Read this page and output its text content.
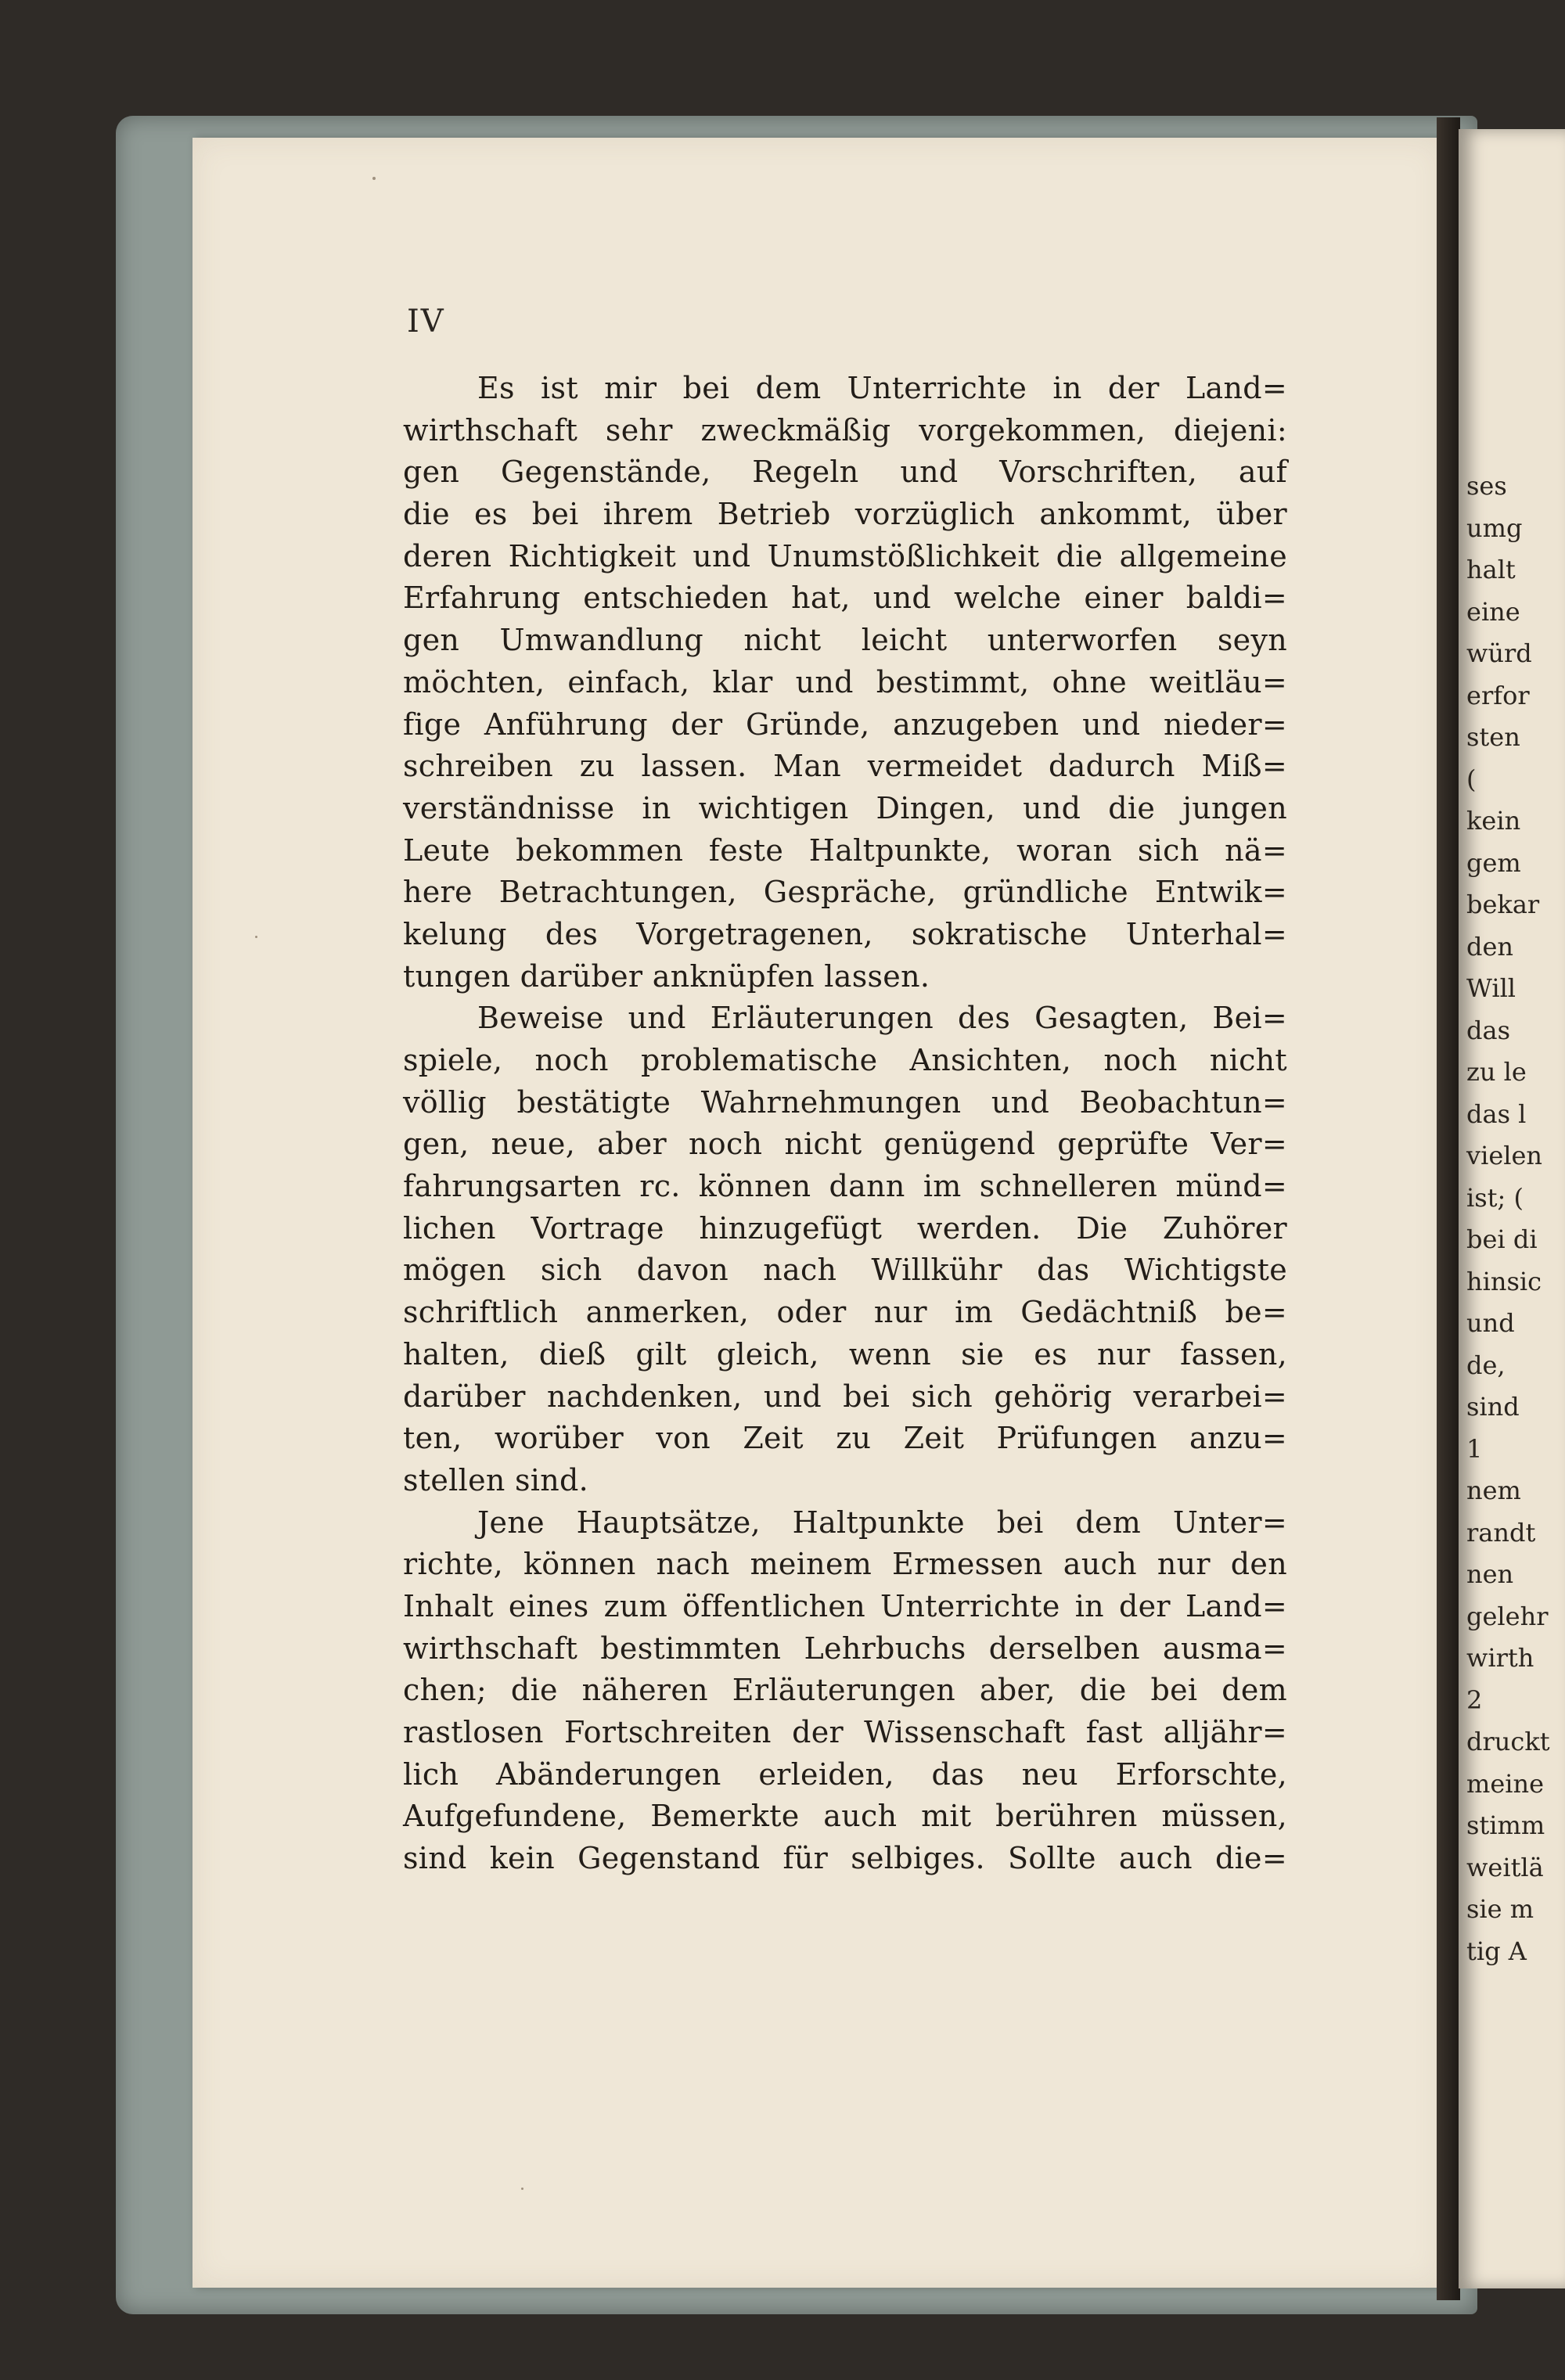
ses
umg
halt
eine
würd
erfor
sten
(
kein
gem
bekar
den
Will
das
zu le
das l
vielen
ist; (
bei di
hinsic
und
de,
sind
1
nem
randt
nen
gelehr
wirth
2
druckt
meine
stimm
weitlä
sie m
tig A
IV
Es ist mir bei dem Unterrichte in der Land=
wirthschaft sehr zweckmäßig vorgekommen, diejeni:
gen Gegenstände, Regeln und Vorschriften, auf
die es bei ihrem Betrieb vorzüglich ankommt, über
deren Richtigkeit und Unumstößlichkeit die allgemeine
Erfahrung entschieden hat, und welche einer baldi=
gen Umwandlung nicht leicht unterworfen seyn
möchten, einfach, klar und bestimmt, ohne weitläu=
fige Anführung der Gründe, anzugeben und nieder=
schreiben zu lassen. Man vermeidet dadurch Miß=
verständnisse in wichtigen Dingen, und die jungen
Leute bekommen feste Haltpunkte, woran sich nä=
here Betrachtungen, Gespräche, gründliche Entwik=
kelung des Vorgetragenen, sokratische Unterhal=
tungen darüber anknüpfen lassen.
Beweise und Erläuterungen des Gesagten, Bei=
spiele, noch problematische Ansichten, noch nicht
völlig bestätigte Wahrnehmungen und Beobachtun=
gen, neue, aber noch nicht genügend geprüfte Ver=
fahrungsarten rc. können dann im schnelleren münd=
lichen Vortrage hinzugefügt werden. Die Zuhörer
mögen sich davon nach Willkühr das Wichtigste
schriftlich anmerken, oder nur im Gedächtniß be=
halten, dieß gilt gleich, wenn sie es nur fassen,
darüber nachdenken, und bei sich gehörig verarbei=
ten, worüber von Zeit zu Zeit Prüfungen anzu=
stellen sind.
Jene Hauptsätze, Haltpunkte bei dem Unter=
richte, können nach meinem Ermessen auch nur den
Inhalt eines zum öffentlichen Unterrichte in der Land=
wirthschaft bestimmten Lehrbuchs derselben ausma=
chen; die näheren Erläuterungen aber, die bei dem
rastlosen Fortschreiten der Wissenschaft fast alljähr=
lich Abänderungen erleiden, das neu Erforschte,
Aufgefundene, Bemerkte auch mit berühren müssen,
sind kein Gegenstand für selbiges. Sollte auch die=
